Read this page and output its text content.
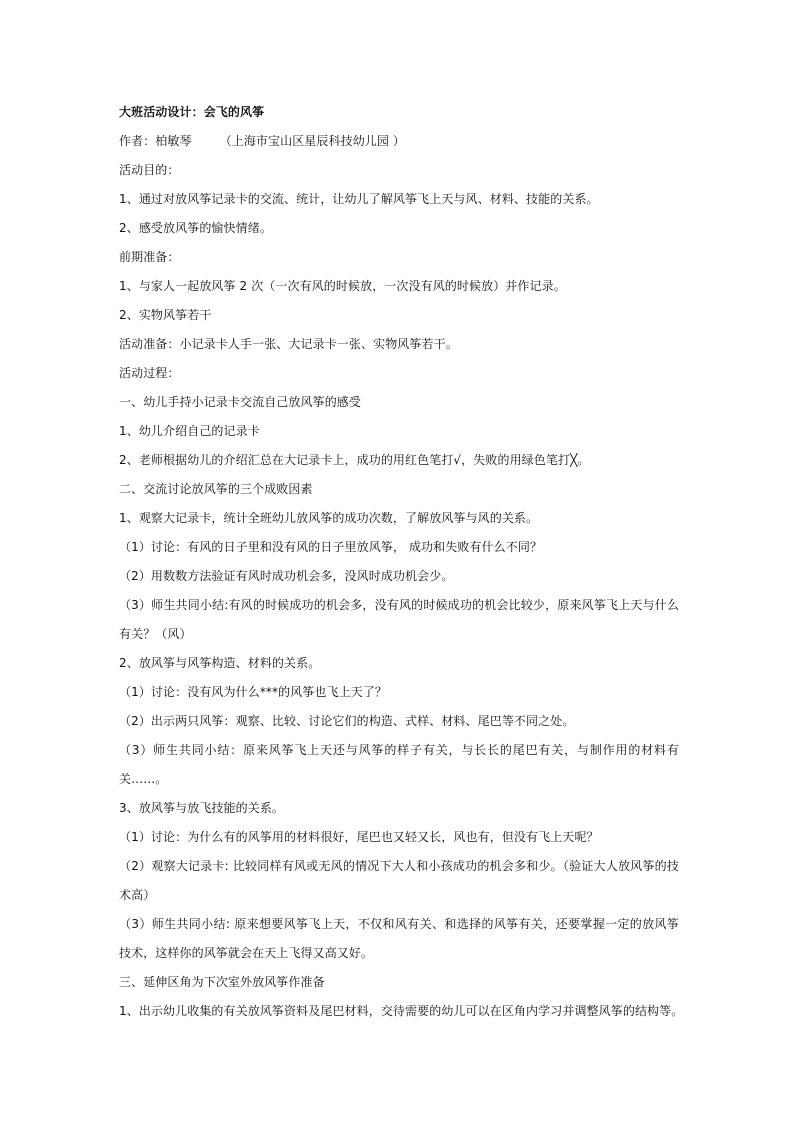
大班活动设计：会飞的风筝

作者：柏敏琴 （上海市宝山区星辰科技幼儿园 ）

活动目的：

1、通过对放风筝记录卡的交流、统计，让幼儿了解风筝飞上天与风、材料、技能的关系。

2、感受放风筝的愉快情绪。

前期准备：

1、与家人一起放风筝 2 次（一次有风的时候放，一次没有风的时候放）并作记录。

2、实物风筝若干

活动准备：小记录卡人手一张、大记录卡一张、实物风筝若干。

活动过程：

一、幼儿手持小记录卡交流自己放风筝的感受

1、幼儿介绍自己的记录卡

2、老师根据幼儿的介绍汇总在大记录卡上，成功的用红色笔打√，失败的用绿色笔打╳。

二、交流讨论放风筝的三个成败因素

1、观察大记录卡，统计全班幼儿放风筝的成功次数，了解放风筝与风的关系。

（1）讨论：有风的日子里和没有风的日子里放风筝， 成功和失败有什么不同？

（2）用数数方法验证有风时成功机会多，没风时成功机会少。

（3）师生共同小结:有风的时候成功的机会多，没有风的时候成功的机会比较少，原来风筝飞上天与什么有关？（风）

2、放风筝与风筝构造、材料的关系。

（1）讨论：没有风为什么***的风筝也飞上天了？

（2）出示两只风筝：观察、比较、讨论它们的构造、式样、材料、尾巴等不同之处。

（3）师生共同小结：原来风筝飞上天还与风筝的样子有关，与长长的尾巴有关，与制作用的材料有关……。

3、放风筝与放飞技能的关系。

（1）讨论：为什么有的风筝用的材料很好，尾巴也又轻又长，风也有，但没有飞上天呢？

（2）观察大记录卡: 比较同样有风或无风的情况下大人和小孩成功的机会多和少。（验证大人放风筝的技术高）

（3）师生共同小结: 原来想要风筝飞上天，不仅和风有关、和选择的风筝有关，还要掌握一定的放风筝技术，这样你的风筝就会在天上飞得又高又好。

三、延伸区角为下次室外放风筝作准备

1、出示幼儿收集的有关放风筝资料及尾巴材料，交待需要的幼儿可以在区角内学习并调整风筝的结构等。
